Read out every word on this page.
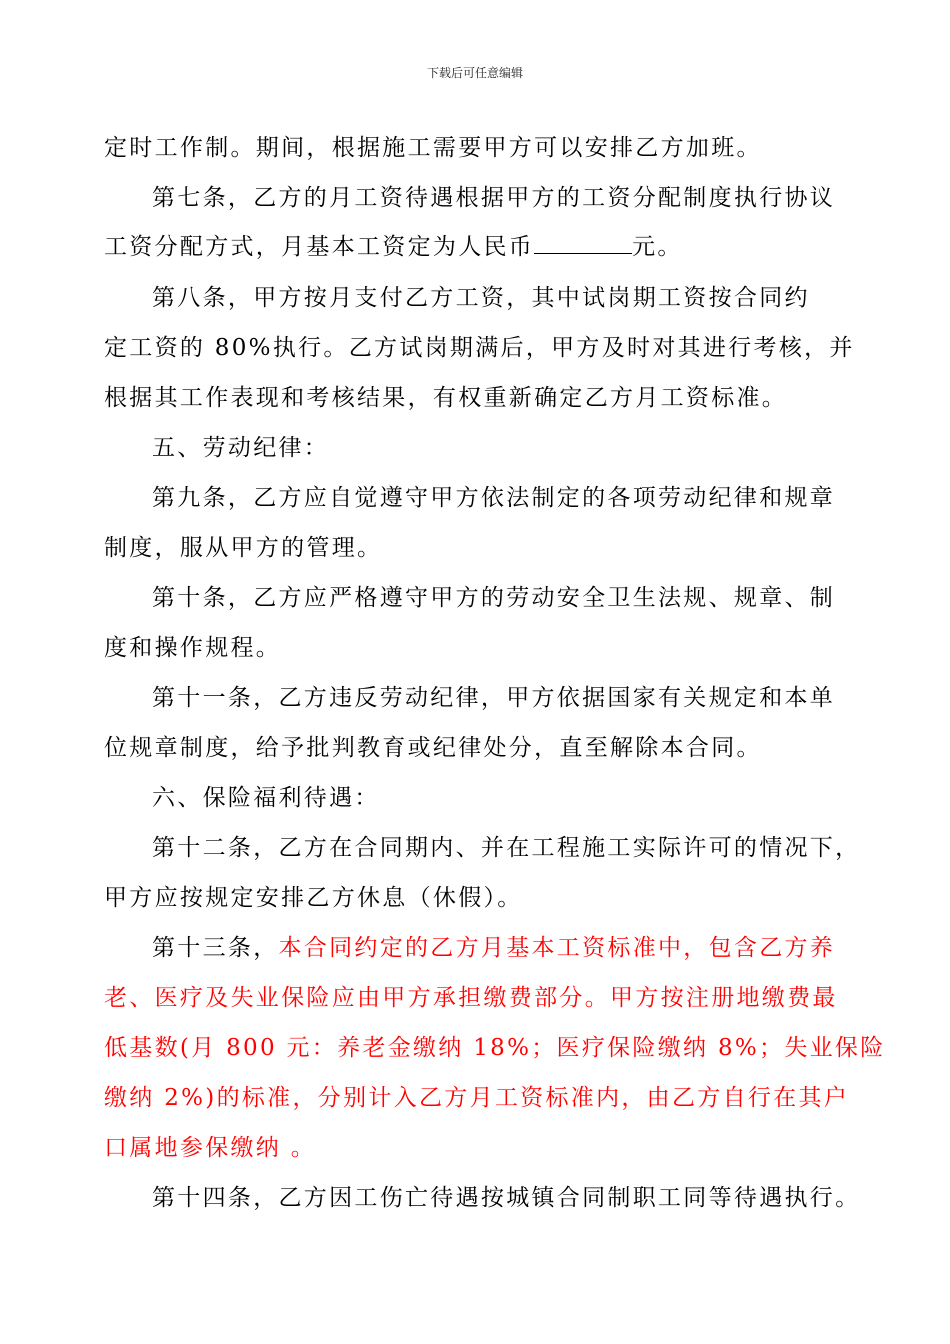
下载后可任意编辑
定时工作制。期间，根据施工需要甲方可以安排乙方加班。
第七条，乙方的月工资待遇根据甲方的工资分配制度执行协议
工资分配方式，月基本工资定为人民币	元。
第八条，甲方按月支付乙方工资，其中试岗期工资按合同约
定工资的 80%执行。乙方试岗期满后，甲方及时对其进行考核，并
根据其工作表现和考核结果，有权重新确定乙方月工资标准。
五、劳动纪律：
第九条，乙方应自觉遵守甲方依法制定的各项劳动纪律和规章
制度，服从甲方的管理。
第十条，乙方应严格遵守甲方的劳动安全卫生法规、规章、制
度和操作规程。
第十一条，乙方违反劳动纪律，甲方依据国家有关规定和本单
位规章制度，给予批判教育或纪律处分，直至解除本合同。
六、保险福利待遇：
第十二条，乙方在合同期内、并在工程施工实际许可的情况下，
甲方应按规定安排乙方休息（休假）。
第十三条，本合同约定的乙方月基本工资标准中，包含乙方养
老、医疗及失业保险应由甲方承担缴费部分。甲方按注册地缴费最
低基数(月 800 元：养老金缴纳 18%；医疗保险缴纳 8%；失业保险
缴纳 2%)的标准，分别计入乙方月工资标准内，由乙方自行在其户
口属地参保缴纳 。
第十四条，乙方因工伤亡待遇按城镇合同制职工同等待遇执行。
